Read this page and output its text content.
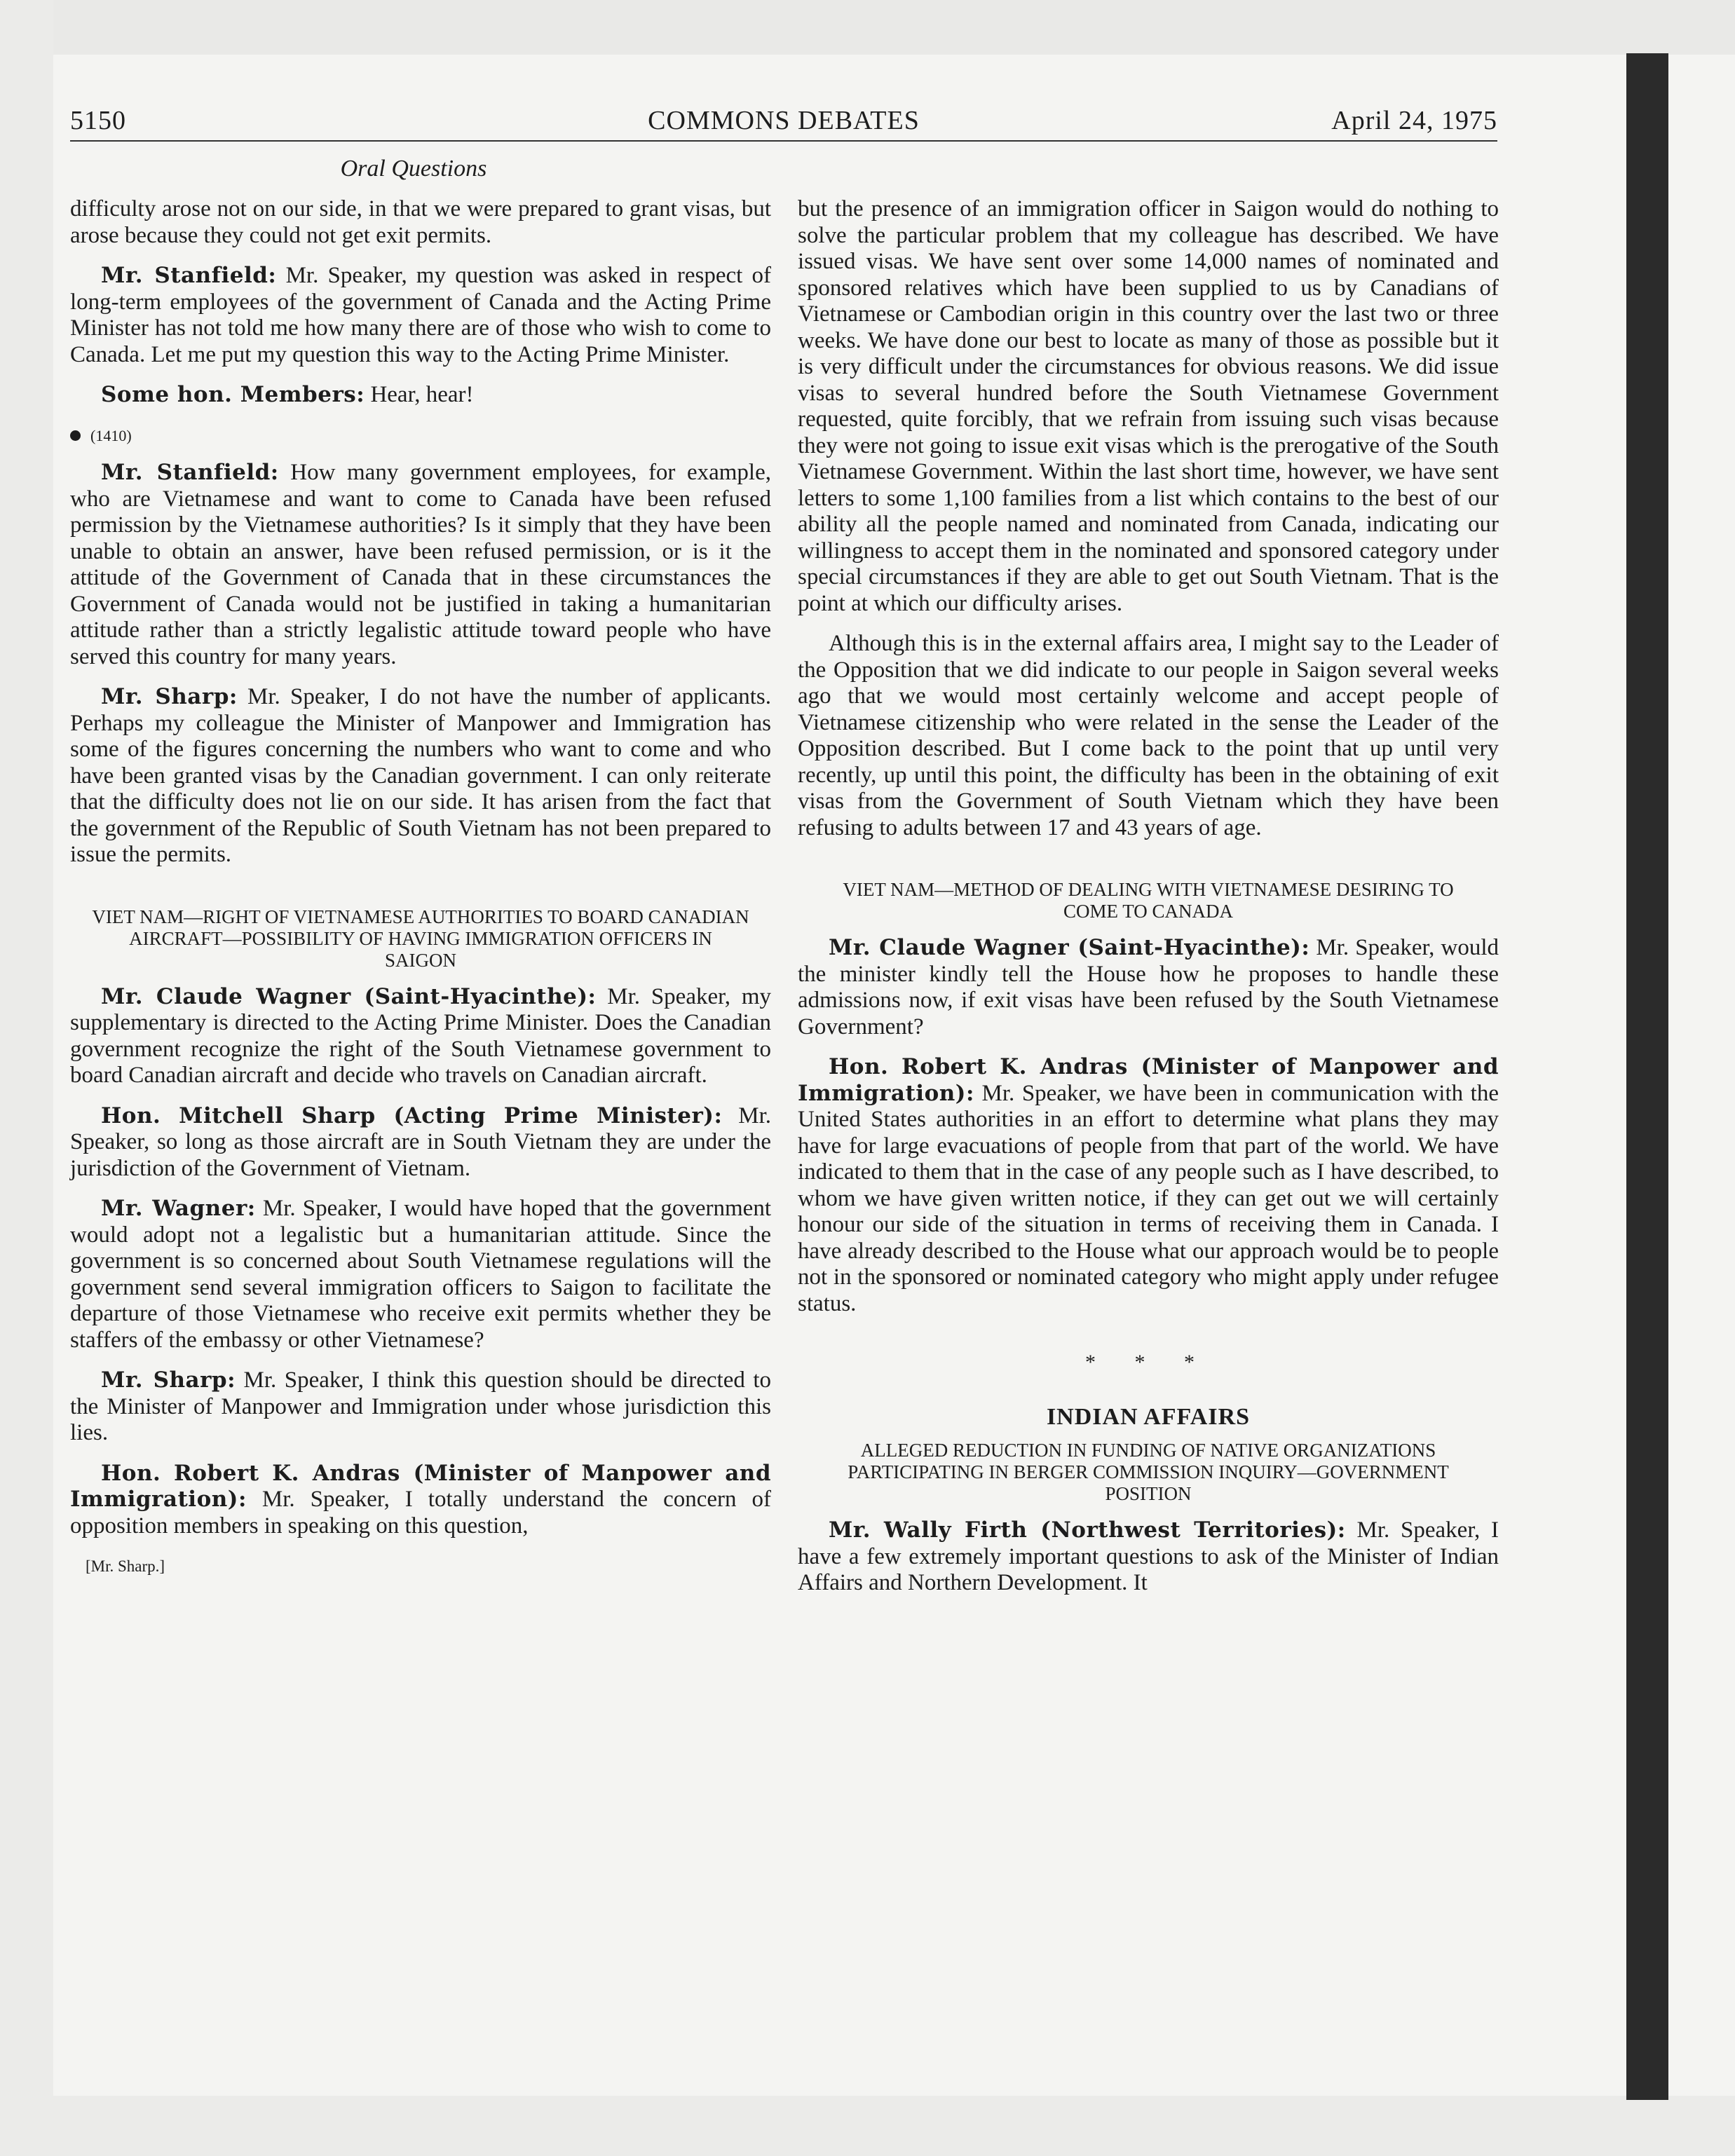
5150	COMMONS DEBATES	April 24, 1975
Oral Questions

difficulty arose not on our side, in that we were prepared to grant visas, but arose because they could not get exit permits.

Mr. Stanfield: Mr. Speaker, my question was asked in respect of long-term employees of the government of Canada and the Acting Prime Minister has not told me how many there are of those who wish to come to Canada. Let me put my question this way to the Acting Prime Minister.

Some hon. Members: Hear, hear!

(1410)

Mr. Stanfield: How many government employees, for example, who are Vietnamese and want to come to Canada have been refused permission by the Vietnamese authorities? Is it simply that they have been unable to obtain an answer, have been refused permission, or is it the attitude of the Government of Canada that in these circumstances the Government of Canada would not be justified in taking a humanitarian attitude rather than a strictly legalistic attitude toward people who have served this country for many years.

Mr. Sharp: Mr. Speaker, I do not have the number of applicants. Perhaps my colleague the Minister of Manpower and Immigration has some of the figures concerning the numbers who want to come and who have been granted visas by the Canadian government. I can only reiterate that the difficulty does not lie on our side. It has arisen from the fact that the government of the Republic of South Vietnam has not been prepared to issue the permits.

VIET NAM—RIGHT OF VIETNAMESE AUTHORITIES TO BOARD CANADIAN AIRCRAFT—POSSIBILITY OF HAVING IMMIGRATION OFFICERS IN SAIGON

Mr. Claude Wagner (Saint-Hyacinthe): Mr. Speaker, my supplementary is directed to the Acting Prime Minister. Does the Canadian government recognize the right of the South Vietnamese government to board Canadian aircraft and decide who travels on Canadian aircraft.

Hon. Mitchell Sharp (Acting Prime Minister): Mr. Speaker, so long as those aircraft are in South Vietnam they are under the jurisdiction of the Government of Vietnam.

Mr. Wagner: Mr. Speaker, I would have hoped that the government would adopt not a legalistic but a humanitarian attitude. Since the government is so concerned about South Vietnamese regulations will the government send several immigration officers to Saigon to facilitate the departure of those Vietnamese who receive exit permits whether they be staffers of the embassy or other Vietnamese?

Mr. Sharp: Mr. Speaker, I think this question should be directed to the Minister of Manpower and Immigration under whose jurisdiction this lies.

Hon. Robert K. Andras (Minister of Manpower and Immigration): Mr. Speaker, I totally understand the concern of opposition members in speaking on this question,

[Mr. Sharp.]

but the presence of an immigration officer in Saigon would do nothing to solve the particular problem that my colleague has described. We have issued visas. We have sent over some 14,000 names of nominated and sponsored relatives which have been supplied to us by Canadians of Vietnamese or Cambodian origin in this country over the last two or three weeks. We have done our best to locate as many of those as possible but it is very difficult under the circumstances for obvious reasons. We did issue visas to several hundred before the South Vietnamese Government requested, quite forcibly, that we refrain from issuing such visas because they were not going to issue exit visas which is the prerogative of the South Vietnamese Government. Within the last short time, however, we have sent letters to some 1,100 families from a list which contains to the best of our ability all the people named and nominated from Canada, indicating our willingness to accept them in the nominated and sponsored category under special circumstances if they are able to get out South Vietnam. That is the point at which our difficulty arises.

Although this is in the external affairs area, I might say to the Leader of the Opposition that we did indicate to our people in Saigon several weeks ago that we would most certainly welcome and accept people of Vietnamese citizenship who were related in the sense the Leader of the Opposition described. But I come back to the point that up until very recently, up until this point, the difficulty has been in the obtaining of exit visas from the Government of South Vietnam which they have been refusing to adults between 17 and 43 years of age.

VIET NAM—METHOD OF DEALING WITH VIETNAMESE DESIRING TO COME TO CANADA

Mr. Claude Wagner (Saint-Hyacinthe): Mr. Speaker, would the minister kindly tell the House how he proposes to handle these admissions now, if exit visas have been refused by the South Vietnamese Government?

Hon. Robert K. Andras (Minister of Manpower and Immigration): Mr. Speaker, we have been in communication with the United States authorities in an effort to determine what plans they may have for large evacuations of people from that part of the world. We have indicated to them that in the case of any people such as I have described, to whom we have given written notice, if they can get out we will certainly honour our side of the situation in terms of receiving them in Canada. I have already described to the House what our approach would be to people not in the sponsored or nominated category who might apply under refugee status.

* * *
INDIAN AFFAIRS
ALLEGED REDUCTION IN FUNDING OF NATIVE ORGANIZATIONS PARTICIPATING IN BERGER COMMISSION INQUIRY—GOVERNMENT POSITION

Mr. Wally Firth (Northwest Territories): Mr. Speaker, I have a few extremely important questions to ask of the Minister of Indian Affairs and Northern Development. It
